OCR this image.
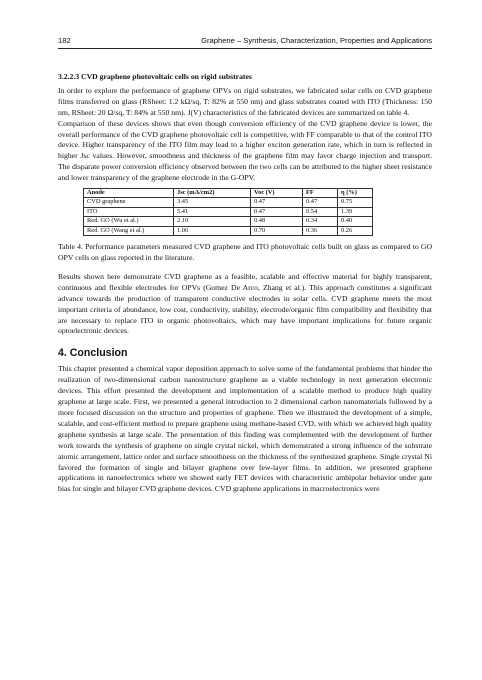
182	Graphene – Synthesis, Characterization, Properties and Applications
3.2.2.3 CVD graphene photovoltaic cells on rigid substrates

In order to explore the performance of graphene OPVs on rigid substrates, we fabricated solar cells on CVD graphene films transferred on glass (RSheet: 1.2 kΩ/sq, T: 82% at 550 nm) and glass substrates coated with ITO (Thickness: 150 nm, RSheet: 20 Ω/sq, T: 84% at 550 nm). J(V) characteristics of the fabricated devices are summarized on table 4.

Comparison of these devices shows that even though conversion efficiency of the CVD graphene device is lower, the overall performance of the CVD graphene photovoltaic cell is competitive, with FF comparable to that of the control ITO device. Higher transparency of the ITO film may lead to a higher exciton generation rate, which in turn is reflected in higher Jsc values. However, smoothness and thickness of the graphene film may favor charge injection and transport. The disparate power conversion efficiency observed between the two cells can be attributed to the higher sheet resistance and lower transparency of the graphene electrode in the G-OPV.

Anode	Jsc (mA/cm2)	Voc (V)	FF	η (%)
CVD graphene	3.45	0.47	0.47	0.75
ITO	5.41	0.47	0.54	1.39
Red. GO (Wu et al.)	2.10	0.48	0.34	0.40
Red. GO (Wang et al.)	1.00	0.70	0.36	0.26

Table 4. Performance parameters measured CVD graphene and ITO photovoltaic cells built on glass as compared to GO OPV cells on glass reported in the literature.

Results shown here demonstrate CVD graphene as a feasible, scalable and effective material for highly transparent, continuous and flexible electrodes for OPVs (Gomez De Arco, Zhang et al.). This approach constitutes a significant advance towards the production of transparent conductive electrodes in solar cells. CVD graphene meets the most important criteria of abundance, low cost, conductivity, stability, electrode/organic film compatibility and flexibility that are necessary to replace ITO in organic photovoltaics, which may have important implications for future organic optoelectronic devices.

4. Conclusion

This chapter presented a chemical vapor deposition approach to solve some of the fundamental problems that hinder the realization of two-dimensional carbon nanostructure graphene as a viable technology in next generation electronic devices. This effort presented the development and implementation of a scalable method to produce high quality graphene at large scale. First, we presented a general introduction to 2 dimensional carbon nanomaterials followed by a more focused discussion on the structure and properties of graphene. Then we illustrated the development of a simple, scalable, and cost-efficient method to prepare graphene using methane-based CVD, with which we achieved high quality graphene synthesis at large scale. The presentation of this finding was complemented with the development of further work towards the synthesis of graphene on single crystal nickel, which demonstrated a strong influence of the substrate atomic arrangement, lattice order and surface smoothness on the thickness of the synthesized graphene. Single crystal Ni favored the formation of single and bilayer graphene over few-layer films. In addition, we presented graphene applications in nanoelectronics where we showed early FET devices with characteristic ambipolar behavior under gate bias for single and bilayer CVD graphene devices. CVD graphene applications in macroelectronics were
